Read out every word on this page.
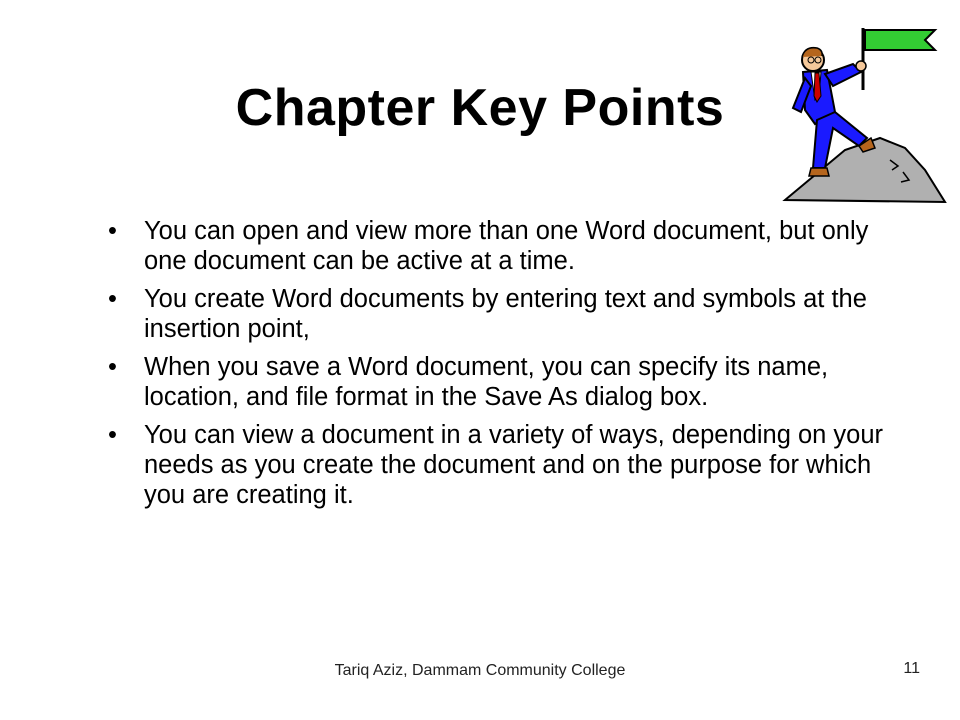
Chapter Key Points
• You can open and view more than one Word document, but only one document can be active at a time.
• You create Word documents by entering text and symbols at the insertion point,
• When you save a Word document, you can specify its name, location, and file format in the Save As dialog box.
• You can view a document in a variety of ways, depending on your needs as you create the document and on the purpose for which you are creating it.
Tariq Aziz, Dammam Community College	11
